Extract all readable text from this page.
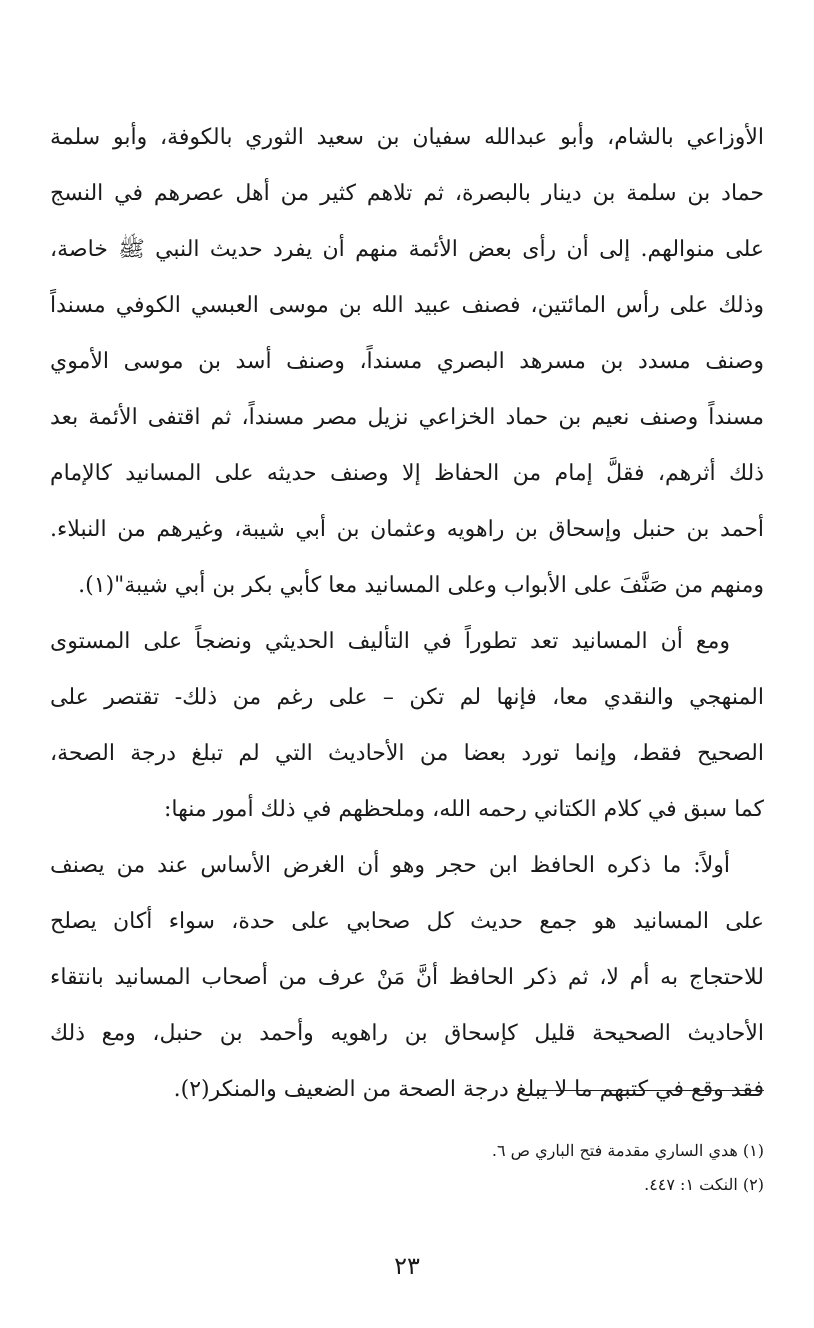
الأوزاعي بالشام، وأبو عبدالله سفيان بن سعيد الثوري بالكوفة، وأبو سلمة
حماد بن سلمة بن دينار بالبصرة، ثم تلاهم كثير من أهل عصرهم في النسج
على منوالهم. إلى أن رأى بعض الأئمة منهم أن يفرد حديث النبي ﷺ خاصة،
وذلك على رأس المائتين، فصنف عبيد الله بن موسى العبسي الكوفي مسنداً
وصنف مسدد بن مسرهد البصري مسنداً، وصنف أسد بن موسى الأموي
مسنداً وصنف نعيم بن حماد الخزاعي نزيل مصر مسنداً، ثم اقتفى الأئمة بعد
ذلك أثرهم، فقلَّ إمام من الحفاظ إلا وصنف حديثه على المسانيد كالإمام
أحمد بن حنبل وإسحاق بن راهويه وعثمان بن أبي شيبة، وغيرهم من النبلاء.
ومنهم من صَنَّفَ على الأبواب وعلى المسانيد معا كأبي بكر بن أبي شيبة"(١).
ومع أن المسانيد تعد تطوراً في التأليف الحديثي ونضجاً على المستوى
المنهجي والنقدي معا، فإنها لم تكن – على رغم من ذلك- تقتصر على
الصحيح فقط، وإنما تورد بعضا من الأحاديث التي لم تبلغ درجة الصحة،
كما سبق في كلام الكتاني رحمه الله، وملحظهم في ذلك أمور منها:
أولاً: ما ذكره الحافظ ابن حجر وهو أن الغرض الأساس عند من يصنف
على المسانيد هو جمع حديث كل صحابي على حدة، سواء أكان يصلح
للاحتجاج به أم لا، ثم ذكر الحافظ أنَّ مَنْ عرف من أصحاب المسانيد بانتقاء
الأحاديث الصحيحة قليل كإسحاق بن راهويه وأحمد بن حنبل، ومع ذلك
فقد وقع في كتبهم ما لا يبلغ درجة الصحة من الضعيف والمنكر(٢).
(١) هدي الساري مقدمة فتح الباري ص ٦.
(٢) النكت ١: ٤٤٧.
٢٣
